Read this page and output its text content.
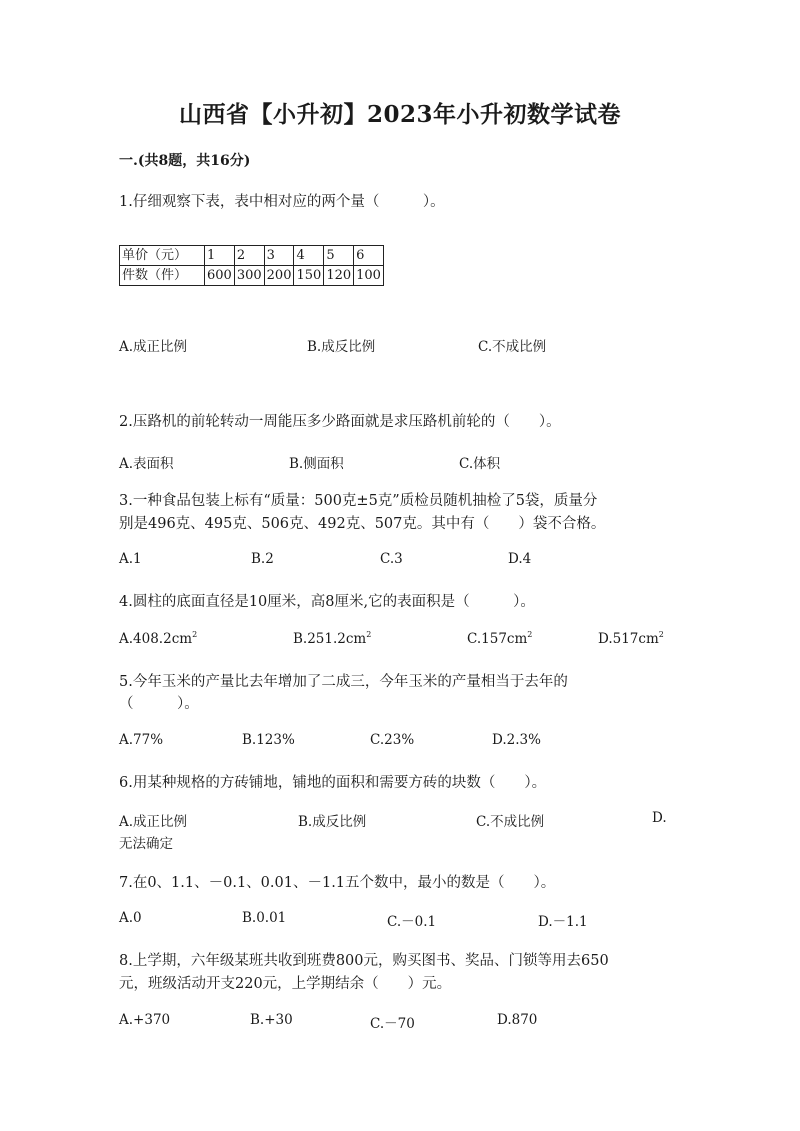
山西省【小升初】2023年小升初数学试卷
一.(共8题，共16分)
1.仔细观察下表，表中相对应的两个量（　　　）。
单价（元）	1	2	3	4	5	6
件数（件）	600	300	200	150	120	100
A.成正比例	B.成反比例	C.不成比例
2.压路机的前轮转动一周能压多少路面就是求压路机前轮的（　　）。
A.表面积	B.侧面积	C.体积
3.一种食品包装上标有“质量：500克±5克”质检员随机抽检了5袋，质量分
别是496克、495克、506克、492克、507克。其中有（　　）袋不合格。
A.1	B.2	C.3	D.4
4.圆柱的底面直径是10厘米，高8厘米,它的表面积是（　　　）。
$A.408.2cm^2$	$B.251.2cm^2$	$C.157cm^2$	$D.517cm^2$
5.今年玉米的产量比去年增加了二成三，今年玉米的产量相当于去年的
（　　　）。
A.77%	B.123%	C.23%	D.2.3%
6.用某种规格的方砖铺地，铺地的面积和需要方砖的块数（　　）。
A.成正比例	B.成反比例	C.不成比例	D.
无法确定
7.在0、1.1、－0.1、0.01、－1.1五个数中，最小的数是（　　）。
A.0	B.0.01	C.－0.1	D.－1.1
8.上学期，六年级某班共收到班费800元，购买图书、奖品、门锁等用去650
元，班级活动开支220元，上学期结余（　　）元。
A.+370	B.+30	C.－70	D.870
